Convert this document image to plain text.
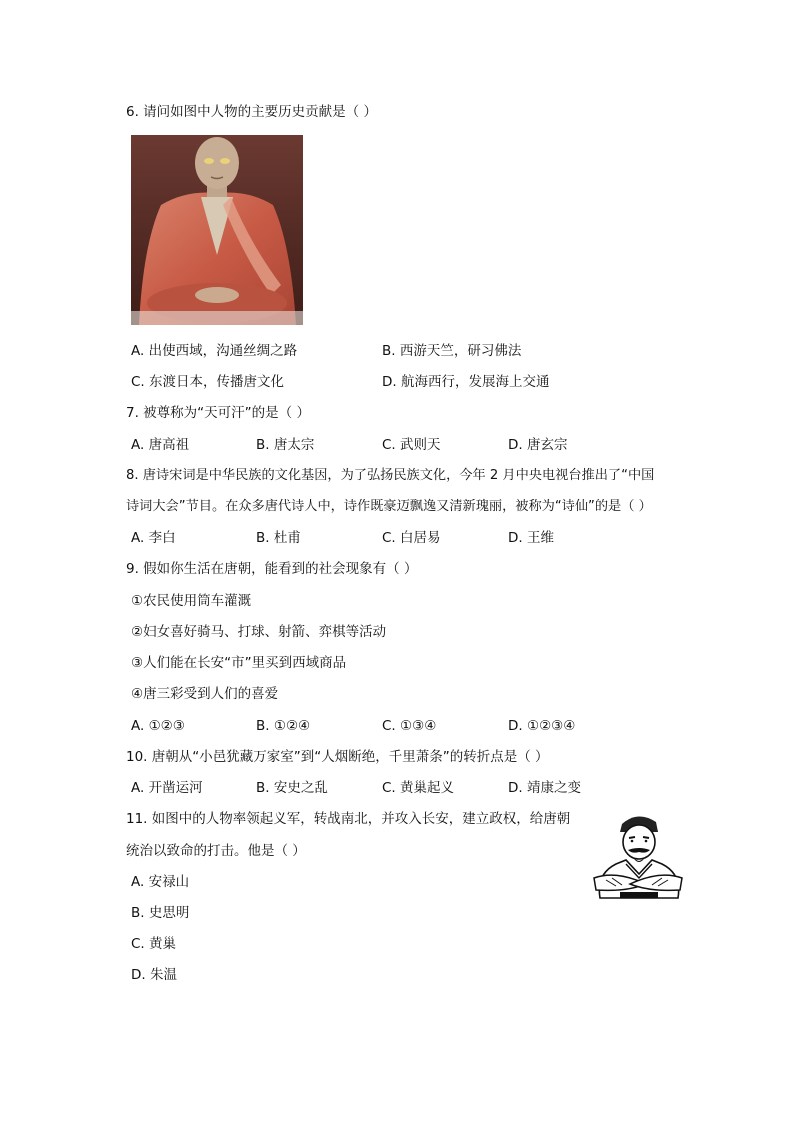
6. 请问如图中人物的主要历史贡献是（ ）
A. 出使西域，沟通丝绸之路	B. 西游天竺，研习佛法
C. 东渡日本，传播唐文化	D. 航海西行，发展海上交通
7. 被尊称为“天可汗”的是（ ）
A. 唐高祖	B. 唐太宗	C. 武则天	D. 唐玄宗
8. 唐诗宋词是中华民族的文化基因，为了弘扬民族文化，今年 2 月中央电视台推出了“中国
诗词大会”节目。在众多唐代诗人中，诗作既豪迈飘逸又清新瑰丽，被称为“诗仙”的是（ ）
A. 李白	B. 杜甫	C. 白居易	D. 王维
9. 假如你生活在唐朝，能看到的社会现象有（ ）
①农民使用筒车灌溉
②妇女喜好骑马、打球、射箭、弈棋等活动
③人们能在长安“市”里买到西域商品
④唐三彩受到人们的喜爱
A. ①②③	B. ①②④	C. ①③④	D. ①②③④
10. 唐朝从“小邑犹藏万家室”到“人烟断绝，千里萧条”的转折点是（ ）
A. 开凿运河	B. 安史之乱	C. 黄巢起义	D. 靖康之变
11. 如图中的人物率领起义军，转战南北，并攻入长安，建立政权，给唐朝
统治以致命的打击。他是（ ）
A. 安禄山
B. 史思明
C. 黄巢
D. 朱温
